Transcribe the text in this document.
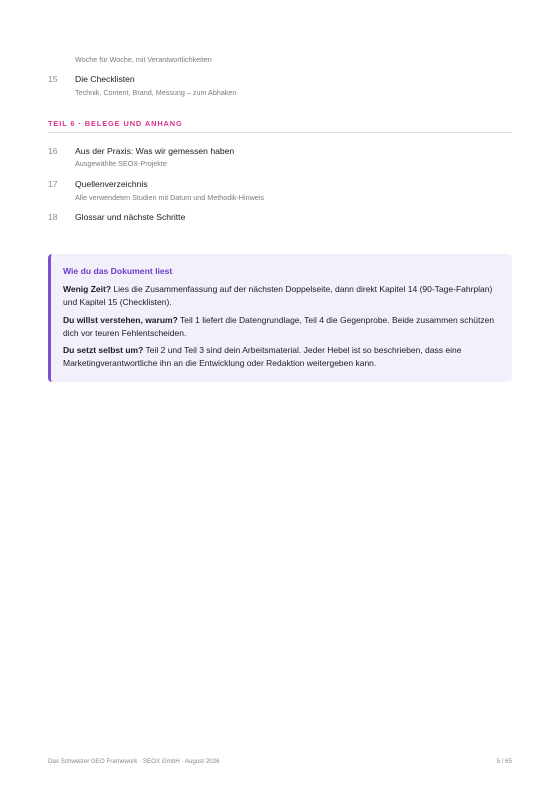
Woche für Woche, mit Verantwortlichkeiten
15 Die Checklisten
Technik, Content, Brand, Messung – zum Abhaken
TEIL 6 · BELEGE UND ANHANG
16 Aus der Praxis: Was wir gemessen haben
Ausgewählte SEOX-Projekte
17 Quellenverzeichnis
Alle verwendeten Studien mit Datum und Methodik-Hinweis
18 Glossar und nächste Schritte
Wie du das Dokument liest
Wenig Zeit? Lies die Zusammenfassung auf der nächsten Doppelseite, dann direkt Kapitel 14 (90-Tage-Fahrplan) und Kapitel 15 (Checklisten).
Du willst verstehen, warum? Teil 1 liefert die Datengrundlage, Teil 4 die Gegenprobe. Beide zusammen schützen dich vor teuren Fehlentscheiden.
Du setzt selbst um? Teil 2 und Teil 3 sind dein Arbeitsmaterial. Jeder Hebel ist so beschrieben, dass eine Marketingverantwortliche ihn an die Entwicklung oder Redaktion weitergeben kann.
Das Schweizer GEO Framework · SEOX GmbH · August 2026	5 / 65
